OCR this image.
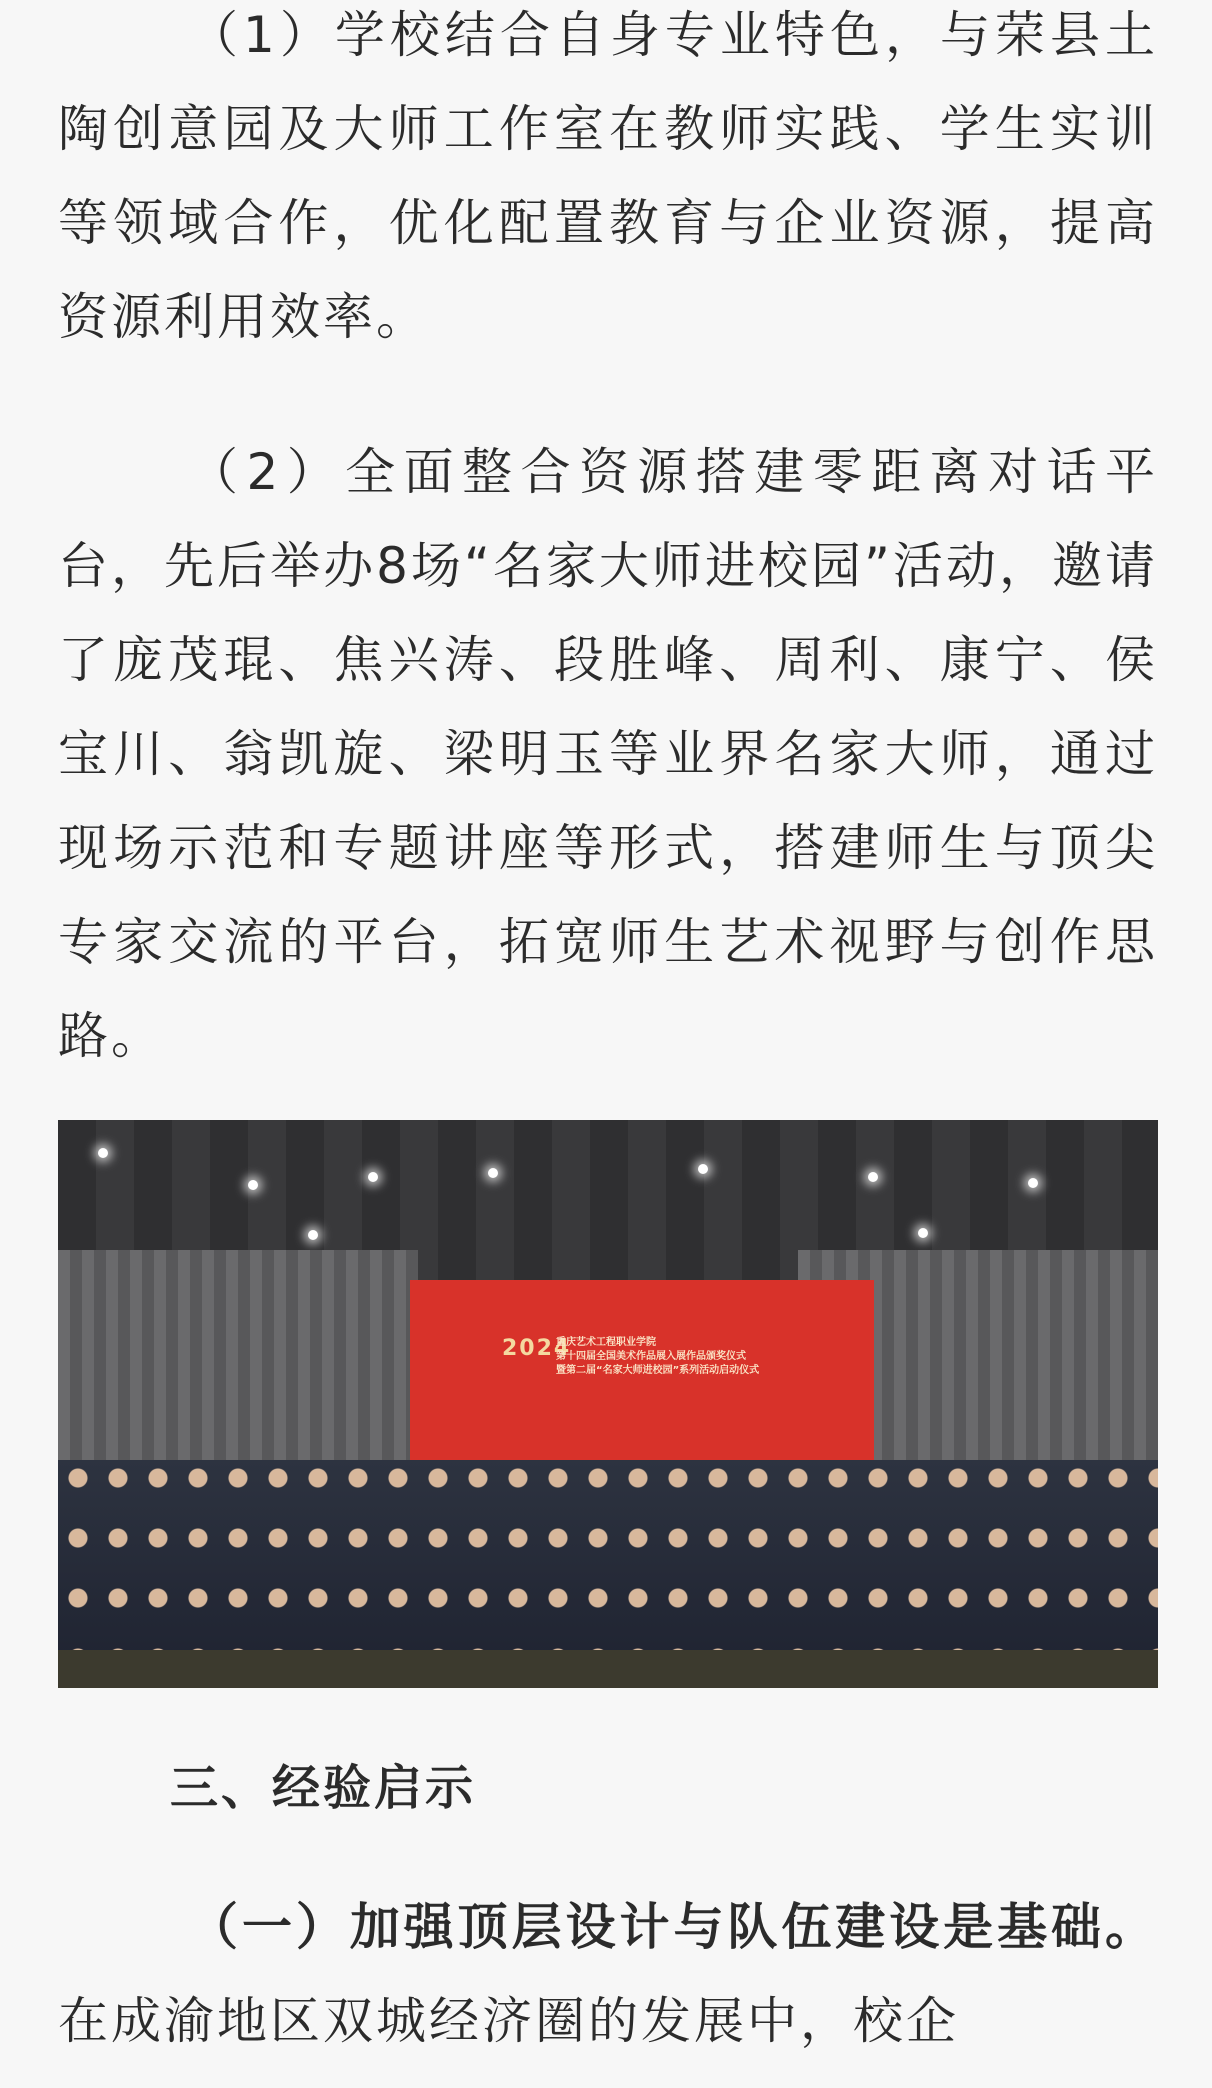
（1）学校结合自身专业特色，与荣县土陶创意园及大师工作室在教师实践、学生实训等领域合作，优化配置教育与企业资源，提高资源利用效率。

（2）全面整合资源搭建零距离对话平台，先后举办8场“名家大师进校园”活动，邀请了庞茂琨、焦兴涛、段胜峰、周利、康宁、侯宝川、翁凯旋、梁明玉等业界名家大师，通过现场示范和专题讲座等形式，搭建师生与顶尖专家交流的平台，拓宽师生艺术视野与创作思路。

2024
重庆艺术工程职业学院
第十四届全国美术作品展入展作品颁奖仪式
暨第二届“名家大师进校园”系列活动启动仪式
三、经验启示

（一）加强顶层设计与队伍建设是基础。在成渝地区双城经济圈的发展中，校企
